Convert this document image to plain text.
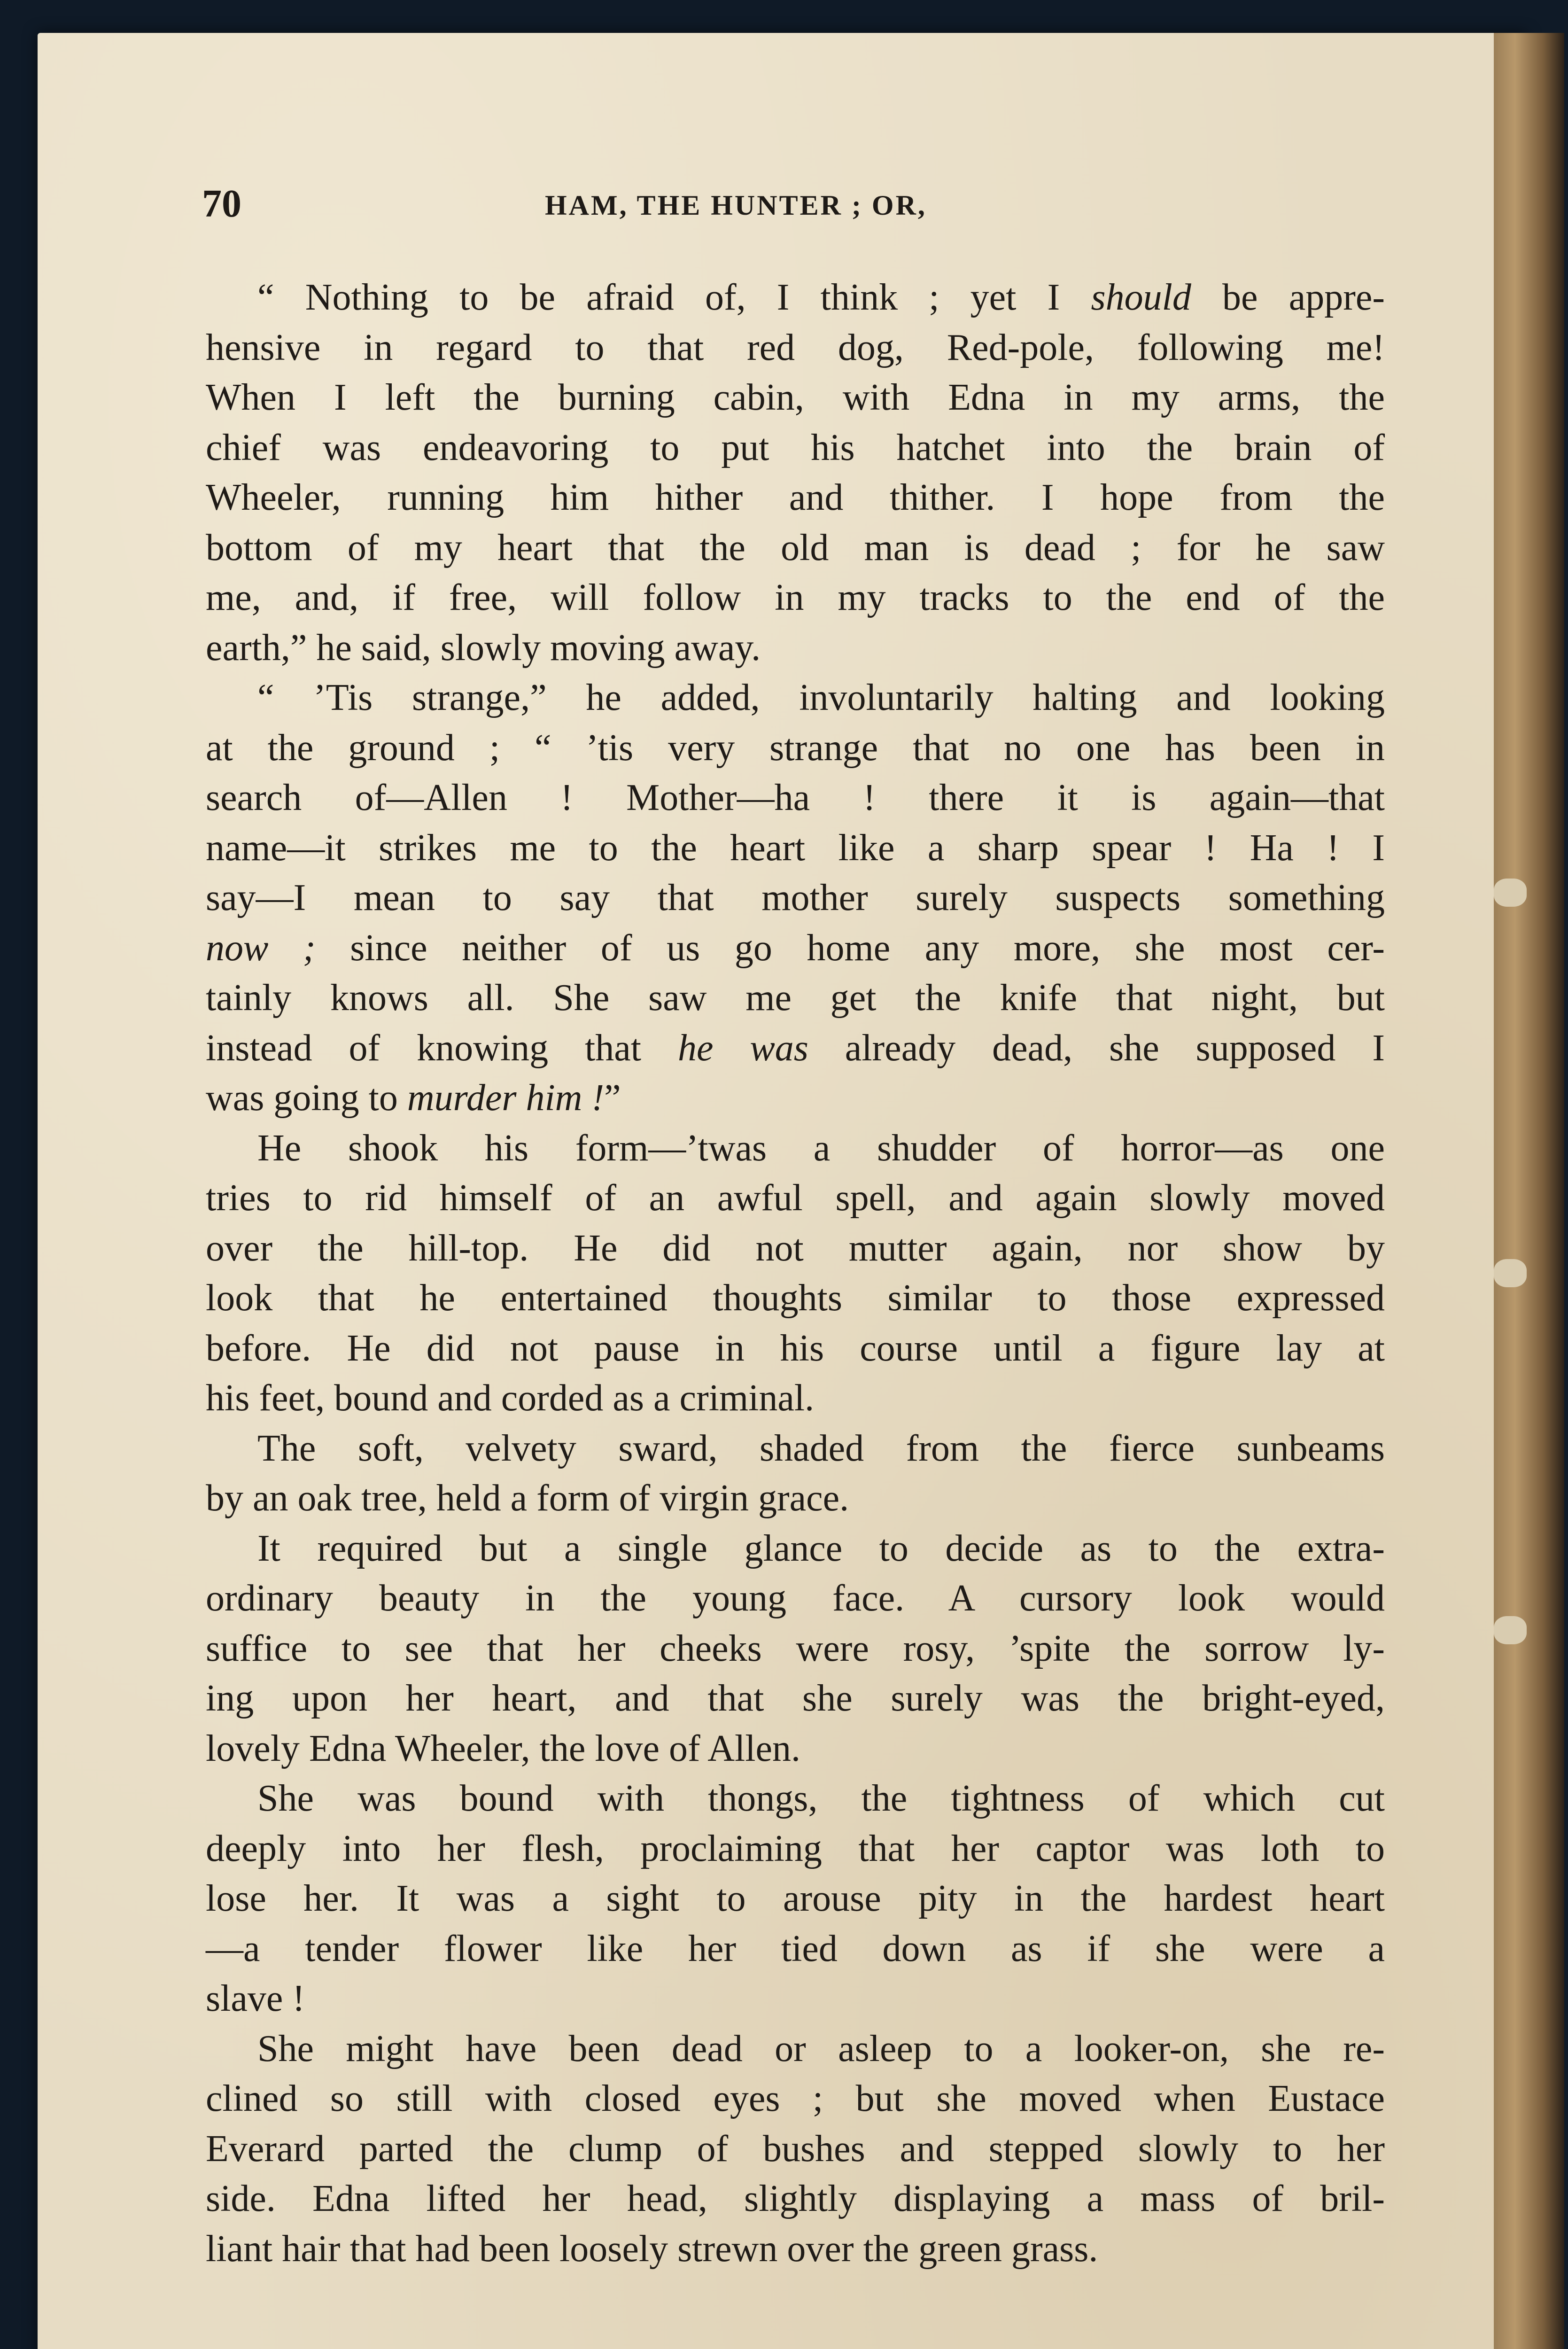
70	HAM, THE HUNTER ; OR,
“ Nothing to be afraid of, I think ; yet I should be appre-
hensive in regard to that red dog, Red-pole, following me!
When I left the burning cabin, with Edna in my arms, the
chief was endeavoring to put his hatchet into the brain of
Wheeler, running him hither and thither. I hope from the
bottom of my heart that the old man is dead ; for he saw
me, and, if free, will follow in my tracks to the end of the
earth,” he said, slowly moving away.
“ ’Tis strange,” he added, involuntarily halting and looking
at the ground ; “ ’tis very strange that no one has been in
search of—Allen ! Mother—ha ! there it is again—that
name—it strikes me to the heart like a sharp spear ! Ha ! I
say—I mean to say that mother surely suspects something
now ; since neither of us go home any more, she most cer-
tainly knows all. She saw me get the knife that night, but
instead of knowing that he was already dead, she supposed I
was going to murder him !”
He shook his form—’twas a shudder of horror—as one
tries to rid himself of an awful spell, and again slowly moved
over the hill-top. He did not mutter again, nor show by
look that he entertained thoughts similar to those expressed
before. He did not pause in his course until a figure lay at
his feet, bound and corded as a criminal.
The soft, velvety sward, shaded from the fierce sunbeams
by an oak tree, held a form of virgin grace.
It required but a single glance to decide as to the extra-
ordinary beauty in the young face. A cursory look would
suffice to see that her cheeks were rosy, ’spite the sorrow ly-
ing upon her heart, and that she surely was the bright-eyed,
lovely Edna Wheeler, the love of Allen.
She was bound with thongs, the tightness of which cut
deeply into her flesh, proclaiming that her captor was loth to
lose her. It was a sight to arouse pity in the hardest heart
—a tender flower like her tied down as if she were a
slave !
She might have been dead or asleep to a looker-on, she re-
clined so still with closed eyes ; but she moved when Eustace
Everard parted the clump of bushes and stepped slowly to her
side. Edna lifted her head, slightly displaying a mass of bril-
liant hair that had been loosely strewn over the green grass.
